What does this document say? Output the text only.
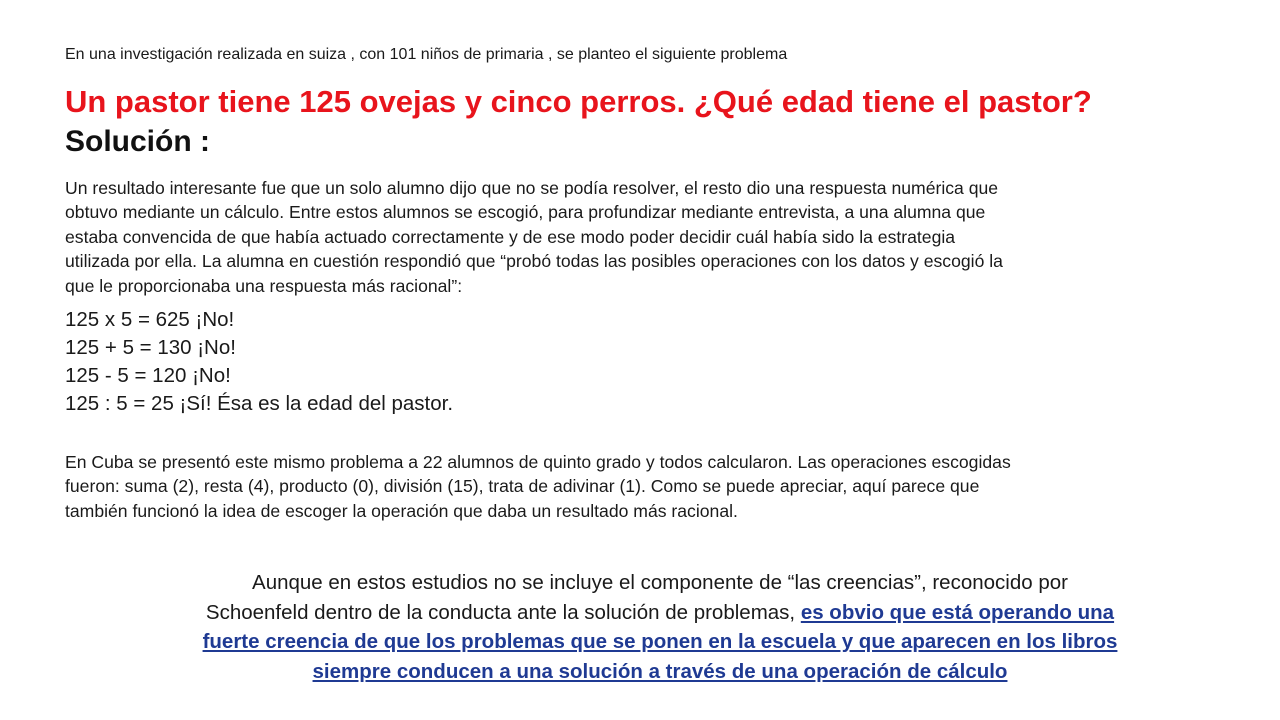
En una investigación realizada en suiza , con 101 niños de primaria , se planteo el siguiente problema
Un pastor tiene 125 ovejas y cinco perros. ¿Qué edad tiene el pastor?
Solución :
Un resultado interesante fue que un solo alumno dijo que no se podía resolver, el resto dio una respuesta numérica que
obtuvo mediante un cálculo. Entre estos alumnos se escogió, para profundizar mediante entrevista, a una alumna que
estaba convencida de que había actuado correctamente y de ese modo poder decidir cuál había sido la estrategia
utilizada por ella. La alumna en cuestión respondió que “probó todas las posibles operaciones con los datos y escogió la
que le proporcionaba una respuesta más racional”:
125 x 5 = 625 ¡No!
125 + 5 = 130 ¡No!
125 - 5 = 120 ¡No!
125 : 5 = 25 ¡Sí! Ésa es la edad del pastor.
En Cuba se presentó este mismo problema a 22 alumnos de quinto grado y todos calcularon. Las operaciones escogidas
fueron: suma (2), resta (4), producto (0), división (15), trata de adivinar (1). Como se puede apreciar, aquí parece que
también funcionó la idea de escoger la operación que daba un resultado más racional.
Aunque en estos estudios no se incluye el componente de “las creencias”, reconocido por
Schoenfeld dentro de la conducta ante la solución de problemas, es obvio que está operando una
fuerte creencia de que los problemas que se ponen en la escuela y que aparecen en los libros
siempre conducen a una solución a través de una operación de cálculo
